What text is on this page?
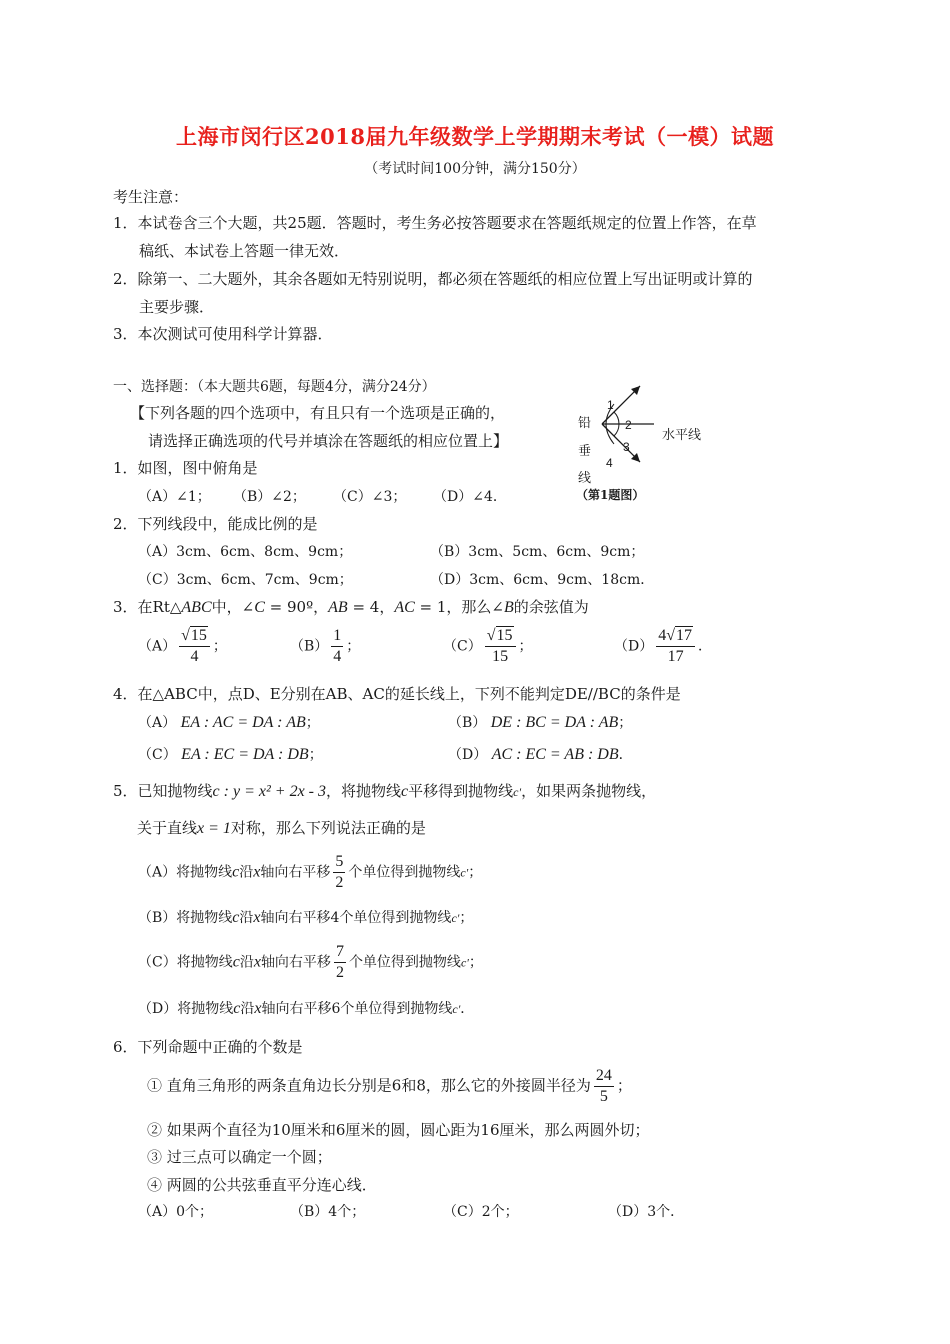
上海市闵行区2018届九年级数学上学期期末考试（一模）试题
（考试时间100分钟，满分150分）
考生注意：
1．本试卷含三个大题，共25题．答题时，考生务必按答题要求在答题纸规定的位置上作答，在草
稿纸、本试卷上答题一律无效．
2．除第一、二大题外，其余各题如无特别说明，都必须在答题纸的相应位置上写出证明或计算的
主要步骤．
3．本次测试可使用科学计算器．
一、选择题：（本大题共6题，每题4分，满分24分）
【下列各题的四个选项中，有且只有一个选项是正确的，
请选择正确选项的代号并填涂在答题纸的相应位置上】
1
2
3
4
铅
垂
线
水平线
（第1题图）
1．如图，图中俯角是
（A）∠1； （B）∠2； （C）∠3； （D）∠4．
2．下列线段中，能成比例的是
（A）3cm、6cm、8cm、9cm；	（B）3cm、5cm、6cm、9cm；
（C）3cm、6cm、7cm、9cm；	（D）3cm、6cm、9cm、18cm．
3．在Rt△ABC中，∠C = 90º，AB = 4，AC = 1，那么∠B的余弦值为
$(A) \frac{√15}{4}$ ；	$(B) \frac{1}{4}$ ；	$(C) \frac{√15}{15}$ ；	$(D) \frac{4√17}{17}$ ．
4．在△ABC中，点D、E分别在AB、AC的延长线上，下列不能判定DE//BC的条件是
（A） EA : AC = DA : AB；	（B） DE : BC = DA : AB；
（C） EA : EC = DA : DB；	（D） AC : EC = AB : DB．
5．已知抛物线c : y = x² + 2x - 3，将抛物线c平移得到抛物线c'，如果两条抛物线，
关于直线x = 1对称，那么下列说法正确的是
（A）将抛物线c沿x轴向右平移 $\frac{5}{2}$ 个单位得到抛物线c'；
（B）将抛物线c沿x轴向右平移4个单位得到抛物线c'；
（C）将抛物线c沿x轴向右平移 $\frac{7}{2}$ 个单位得到抛物线c'；
（D）将抛物线c沿x轴向右平移6个单位得到抛物线c'．
6．下列命题中正确的个数是
① 直角三角形的两条直角边长分别是6和8，那么它的外接圆半径为 $\frac{24}{5}$ ；
② 如果两个直径为10厘米和6厘米的圆，圆心距为16厘米，那么两圆外切；
③ 过三点可以确定一个圆；
④ 两圆的公共弦垂直平分连心线．
（A）0个；	（B）4个；	（C）2个；	（D）3个．
